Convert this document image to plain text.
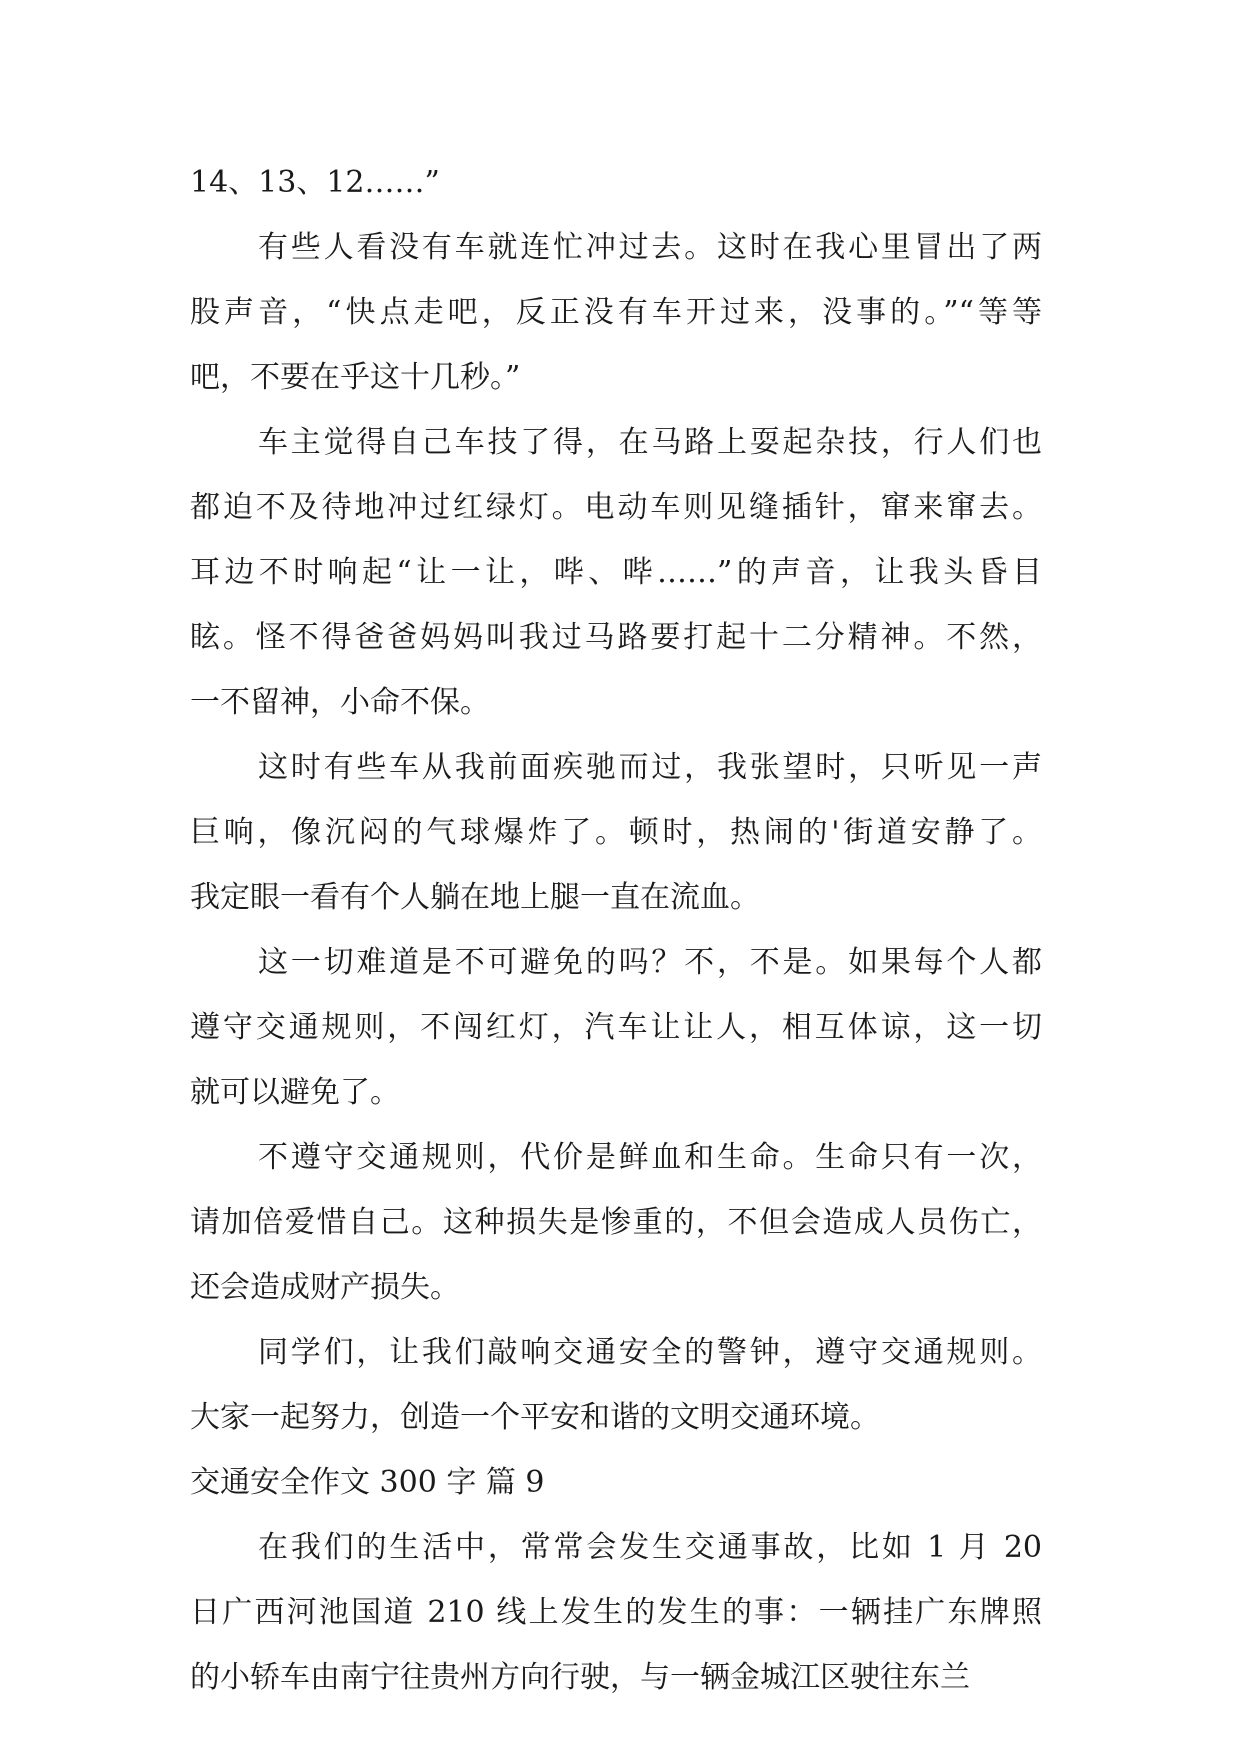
14、13、12……”
有些人看没有车就连忙冲过去。这时在我心里冒出了两
股声音，“快点走吧，反正没有车开过来，没事的。”“等等
吧，不要在乎这十几秒。”
车主觉得自己车技了得，在马路上耍起杂技，行人们也
都迫不及待地冲过红绿灯。电动车则见缝插针，窜来窜去。
耳边不时响起“让一让，哔、哔……”的声音，让我头昏目
眩。怪不得爸爸妈妈叫我过马路要打起十二分精神。不然，
一不留神，小命不保。
这时有些车从我前面疾驰而过，我张望时，只听见一声
巨响，像沉闷的气球爆炸了。顿时，热闹的'街道安静了。
我定眼一看有个人躺在地上腿一直在流血。
这一切难道是不可避免的吗？不，不是。如果每个人都
遵守交通规则，不闯红灯，汽车让让人，相互体谅，这一切
就可以避免了。
不遵守交通规则，代价是鲜血和生命。生命只有一次，
请加倍爱惜自己。这种损失是惨重的，不但会造成人员伤亡，
还会造成财产损失。
同学们，让我们敲响交通安全的警钟，遵守交通规则。
大家一起努力，创造一个平安和谐的文明交通环境。
交通安全作文 300 字 篇 9
在我们的生活中，常常会发生交通事故，比如 1 月 20
日广西河池国道 210 线上发生的发生的事：一辆挂广东牌照
的小轿车由南宁往贵州方向行驶，与一辆金城江区驶往东兰
